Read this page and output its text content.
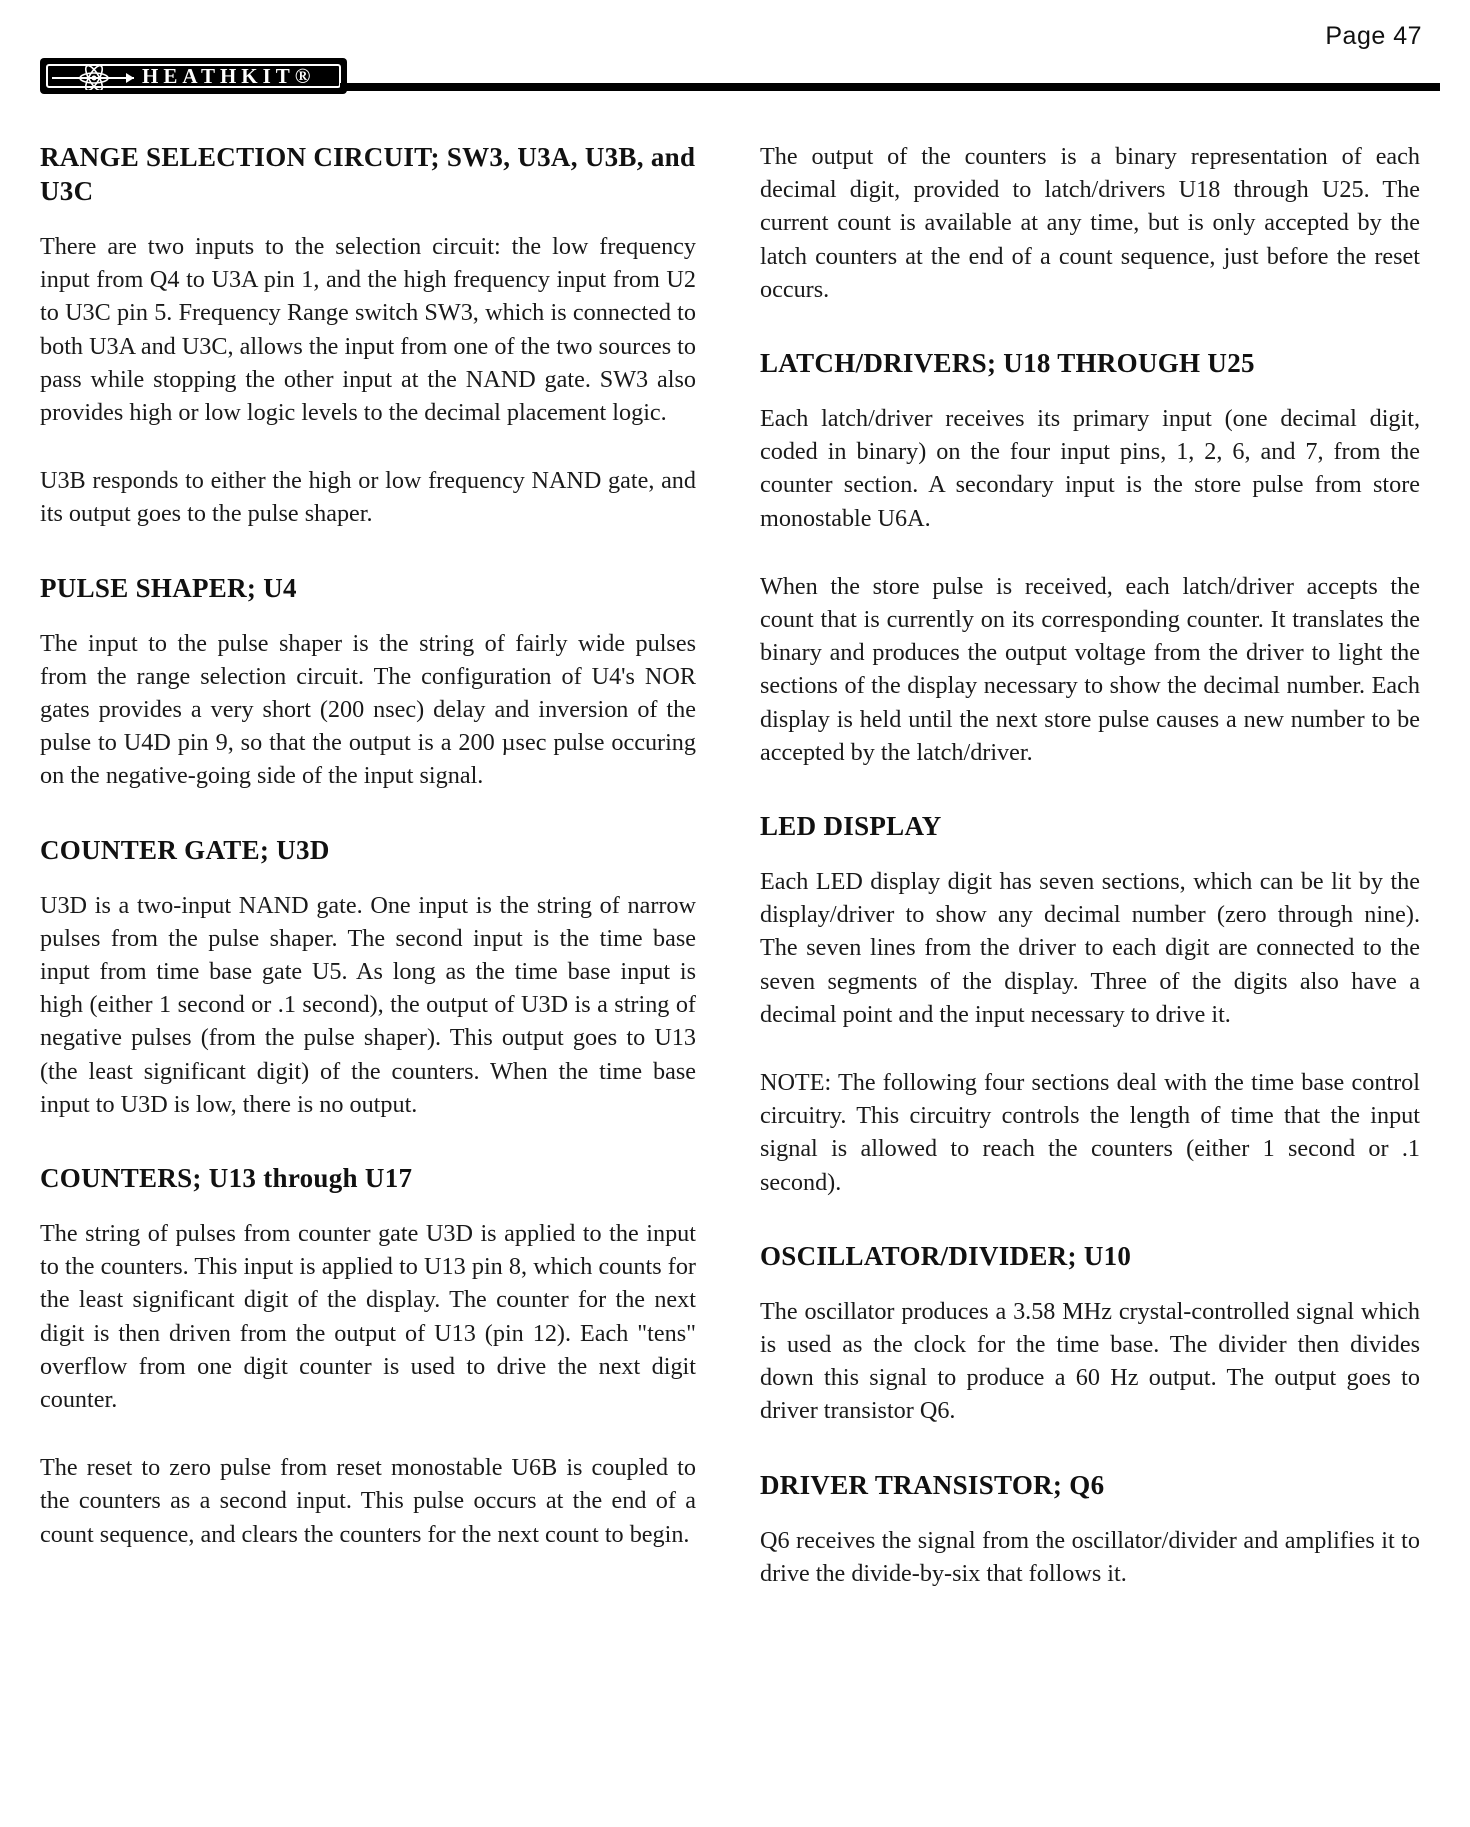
Page 47
HEATHKIT®
RANGE SELECTION CIRCUIT; SW3, U3A, U3B, and U3C

There are two inputs to the selection circuit: the low frequency input from Q4 to U3A pin 1, and the high frequency input from U2 to U3C pin 5. Frequency Range switch SW3, which is connected to both U3A and U3C, allows the input from one of the two sources to pass while stopping the other input at the NAND gate. SW3 also provides high or low logic levels to the decimal placement logic.

U3B responds to either the high or low frequency NAND gate, and its output goes to the pulse shaper.

PULSE SHAPER; U4

The input to the pulse shaper is the string of fairly wide pulses from the range selection circuit. The configuration of U4's NOR gates provides a very short (200 nsec) delay and inversion of the pulse to U4D pin 9, so that the output is a 200 µsec pulse occuring on the negative-going side of the input signal.

COUNTER GATE; U3D

U3D is a two-input NAND gate. One input is the string of narrow pulses from the pulse shaper. The second input is the time base input from time base gate U5. As long as the time base input is high (either 1 second or .1 second), the output of U3D is a string of negative pulses (from the pulse shaper). This output goes to U13 (the least significant digit) of the counters. When the time base input to U3D is low, there is no output.

COUNTERS; U13 through U17

The string of pulses from counter gate U3D is applied to the input to the counters. This input is applied to U13 pin 8, which counts for the least significant digit of the display. The counter for the next digit is then driven from the output of U13 (pin 12). Each "tens" overflow from one digit counter is used to drive the next digit counter.

The reset to zero pulse from reset monostable U6B is coupled to the counters as a second input. This pulse occurs at the end of a count sequence, and clears the counters for the next count to begin.

The output of the counters is a binary representation of each decimal digit, provided to latch/drivers U18 through U25. The current count is available at any time, but is only accepted by the latch counters at the end of a count sequence, just before the reset occurs.

LATCH/DRIVERS; U18 THROUGH U25

Each latch/driver receives its primary input (one decimal digit, coded in binary) on the four input pins, 1, 2, 6, and 7, from the counter section. A secondary input is the store pulse from store monostable U6A.

When the store pulse is received, each latch/driver accepts the count that is currently on its corresponding counter. It translates the binary and produces the output voltage from the driver to light the sections of the display necessary to show the decimal number. Each display is held until the next store pulse causes a new number to be accepted by the latch/driver.

LED DISPLAY

Each LED display digit has seven sections, which can be lit by the display/driver to show any decimal number (zero through nine). The seven lines from the driver to each digit are connected to the seven segments of the display. Three of the digits also have a decimal point and the input necessary to drive it.

NOTE: The following four sections deal with the time base control circuitry. This circuitry controls the length of time that the input signal is allowed to reach the counters (either 1 second or .1 second).

OSCILLATOR/DIVIDER; U10

The oscillator produces a 3.58 MHz crystal-controlled signal which is used as the clock for the time base. The divider then divides down this signal to produce a 60 Hz output. The output goes to driver transistor Q6.

DRIVER TRANSISTOR; Q6

Q6 receives the signal from the oscillator/divider and amplifies it to drive the divide-by-six that follows it.
